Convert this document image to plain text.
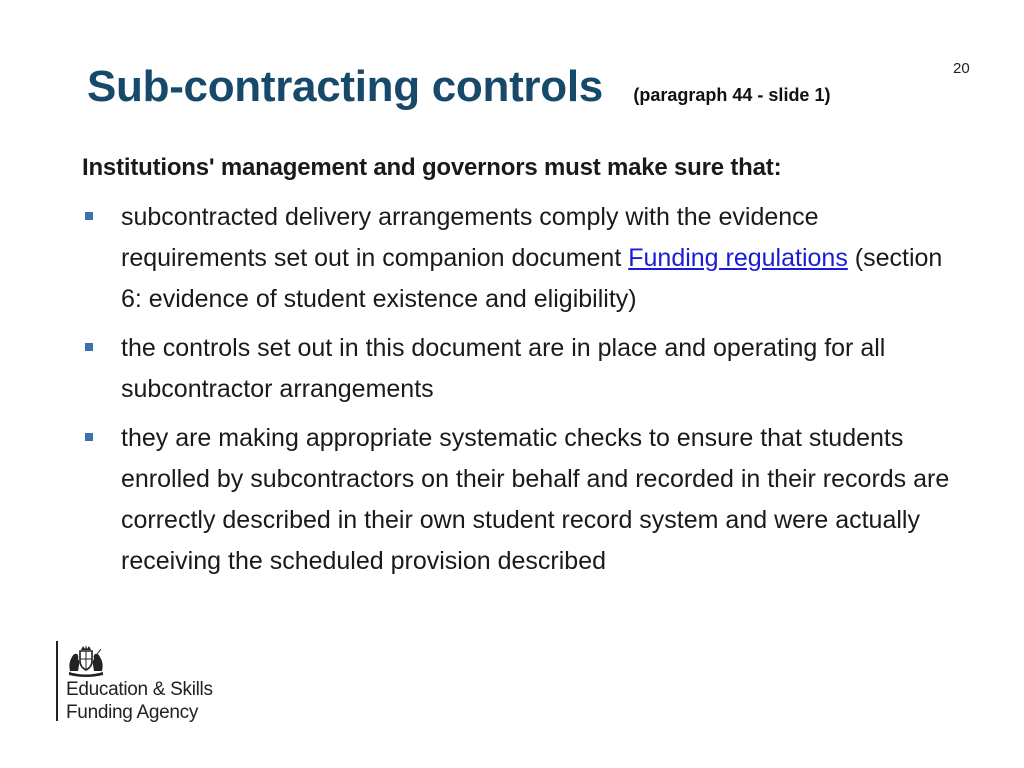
20
Sub-contracting controls (paragraph 44 - slide 1)
Institutions' management and governors must make sure that:
subcontracted delivery arrangements comply with the evidence requirements set out in companion document Funding regulations (section 6: evidence of student existence and eligibility)
the controls set out in this document are in place and operating for all subcontractor arrangements
they are making appropriate systematic checks to ensure that students enrolled by subcontractors on their behalf and recorded in their records are correctly described in their own student record system and were actually receiving the scheduled provision described
Education & Skills
Funding Agency
